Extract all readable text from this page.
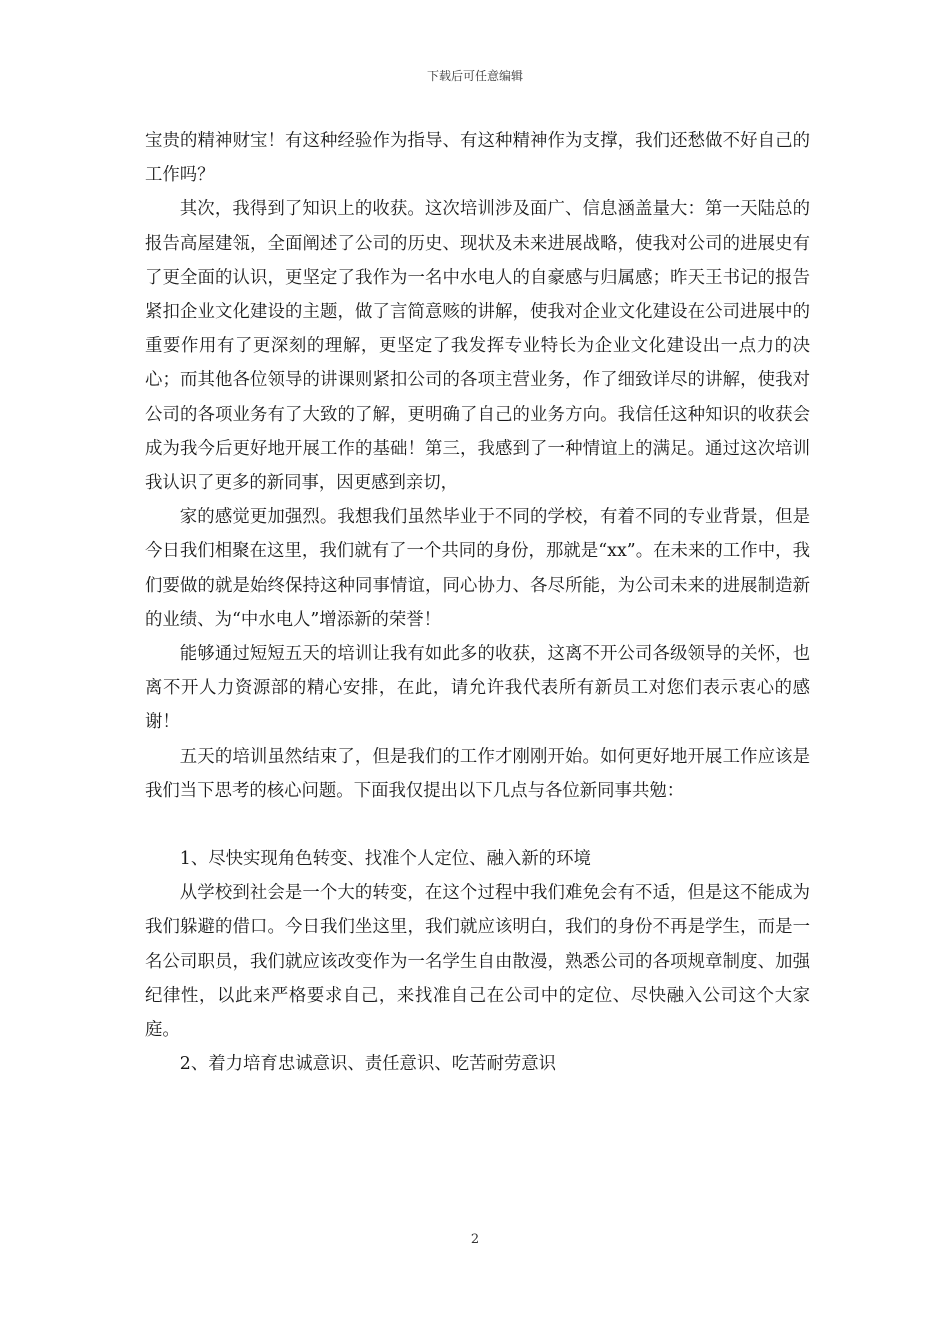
下载后可任意编辑

宝贵的精神财宝！有这种经验作为指导、有这种精神作为支撑，我们还愁做不好自己的工作吗？

其次，我得到了知识上的收获。这次培训涉及面广、信息涵盖量大：第一天陆总的报告高屋建瓴，全面阐述了公司的历史、现状及未来进展战略，使我对公司的进展史有了更全面的认识，更坚定了我作为一名中水电人的自豪感与归属感；昨天王书记的报告紧扣企业文化建设的主题，做了言简意赅的讲解，使我对企业文化建设在公司进展中的重要作用有了更深刻的理解，更坚定了我发挥专业特长为企业文化建设出一点力的决心；而其他各位领导的讲课则紧扣公司的各项主营业务，作了细致详尽的讲解，使我对公司的各项业务有了大致的了解，更明确了自己的业务方向。我信任这种知识的收获会成为我今后更好地开展工作的基础！第三，我感到了一种情谊上的满足。通过这次培训我认识了更多的新同事，因更感到亲切，

家的感觉更加强烈。我想我们虽然毕业于不同的学校，有着不同的专业背景，但是今日我们相聚在这里，我们就有了一个共同的身份，那就是“xx”。在未来的工作中，我们要做的就是始终保持这种同事情谊，同心协力、各尽所能，为公司未来的进展制造新的业绩、为“中水电人”增添新的荣誉！

能够通过短短五天的培训让我有如此多的收获，这离不开公司各级领导的关怀，也离不开人力资源部的精心安排，在此，请允许我代表所有新员工对您们表示衷心的感谢！

五天的培训虽然结束了，但是我们的工作才刚刚开始。如何更好地开展工作应该是我们当下思考的核心问题。下面我仅提出以下几点与各位新同事共勉：

1、尽快实现角色转变、找准个人定位、融入新的环境

从学校到社会是一个大的转变，在这个过程中我们难免会有不适，但是这不能成为我们躲避的借口。今日我们坐这里，我们就应该明白，我们的身份不再是学生，而是一名公司职员，我们就应该改变作为一名学生自由散漫，熟悉公司的各项规章制度、加强纪律性，以此来严格要求自己，来找准自己在公司中的定位、尽快融入公司这个大家庭。

2、着力培育忠诚意识、责任意识、吃苦耐劳意识

2
